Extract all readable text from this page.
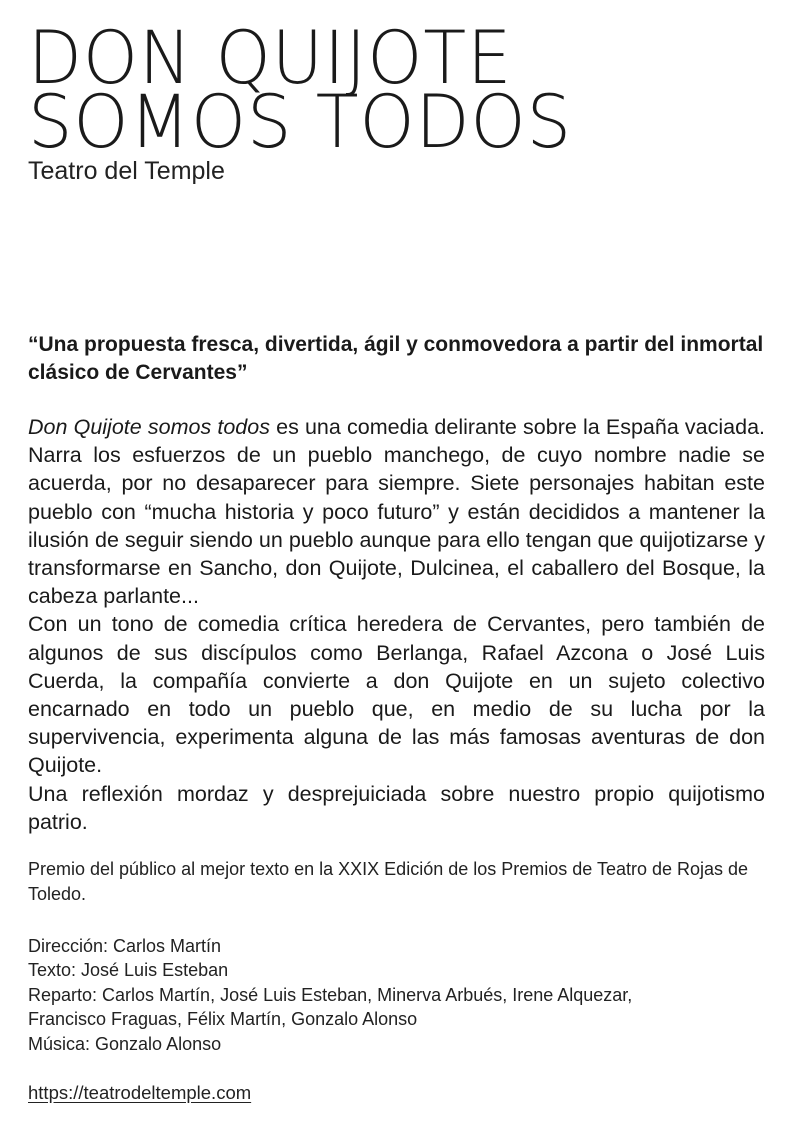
DON QUIJOTE
SOMOS TODOS
Teatro del Temple
“Una propuesta fresca, divertida, ágil y conmovedora a partir del inmortal clásico de Cervantes”

Don Quijote somos todos es una comedia delirante sobre la España vaciada. Narra los esfuerzos de un pueblo manchego, de cuyo nombre nadie se acuerda, por no desaparecer para siempre. Siete personajes habitan este pueblo con “mucha historia y poco futuro” y están decididos a mantener la ilusión de seguir siendo un pueblo aunque para ello tengan que quijotizarse y transformarse en Sancho, don Quijote, Dulcinea, el caballero del Bosque, la cabeza parlante...

Con un tono de comedia crítica heredera de Cervantes, pero también de algunos de sus discípulos como Berlanga, Rafael Azcona o José Luis Cuerda, la compañía convierte a don Quijote en un sujeto colectivo encarnado en todo un pueblo que, en medio de su lucha por la supervivencia, experimenta alguna de las más famosas aventuras de don Quijote.

Una reflexión mordaz y desprejuiciada sobre nuestro propio quijotismo patrio.

Premio del público al mejor texto en la XXIX Edición de los Premios de Teatro de Rojas de Toledo.
Dirección: Carlos Martín
Texto: José Luis Esteban
Reparto: Carlos Martín, José Luis Esteban, Minerva Arbués, Irene Alquezar,
Francisco Fraguas, Félix Martín, Gonzalo Alonso
Música: Gonzalo Alonso
https://teatrodeltemple.com
